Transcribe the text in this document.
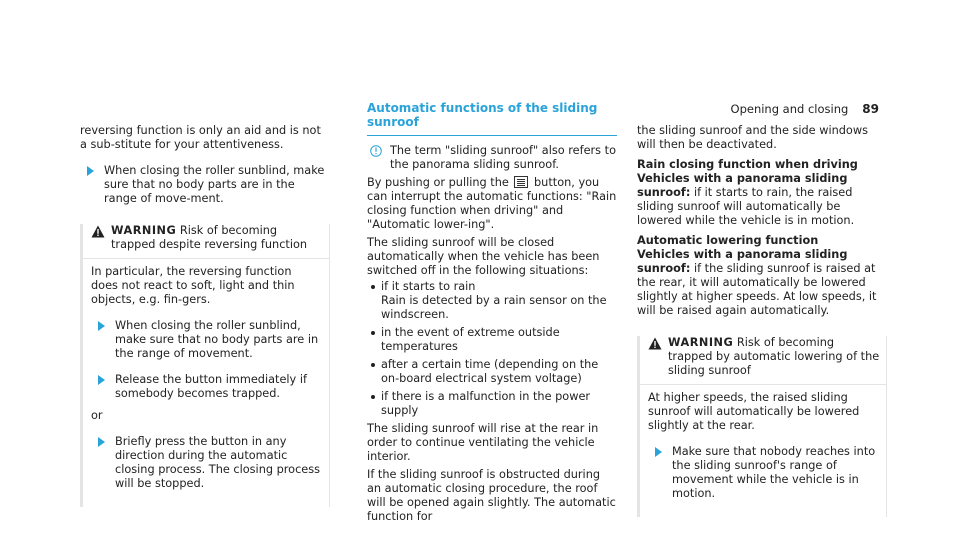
Opening and closing 89

reversing function is only an aid and is not a sub-stitute for your attentiveness.

When closing the roller sunblind, make sure that no body parts are in the range of move-ment.
WARNING Risk of becoming trapped despite reversing function

In particular, the reversing function does not react to soft, light and thin objects, e.g. fin-gers.

When closing the roller sunblind, make sure that no body parts are in the range of movement.
Release the button immediately if somebody becomes trapped.

or

Briefly press the button in any direction during the automatic closing process. The closing process will be stopped.
Automatic functions of the sliding sunroof
The term "sliding sunroof" also refers to the panorama sliding sunroof.

By pushing or pulling the button, you can interrupt the automatic functions: "Rain closing function when driving" and "Automatic lower-ing".

The sliding sunroof will be closed automatically when the vehicle has been switched off in the following situations:

if it starts to rain
Rain is detected by a rain sensor on the windscreen.
in the event of extreme outside temperatures
after a certain time (depending on the on-board electrical system voltage)
if there is a malfunction in the power supply

The sliding sunroof will rise at the rear in order to continue ventilating the vehicle interior.

If the sliding sunroof is obstructed during an automatic closing procedure, the roof will be opened again slightly. The automatic function for

the sliding sunroof and the side windows will then be deactivated.

Rain closing function when driving

Vehicles with a panorama sliding sunroof: if it starts to rain, the raised sliding sunroof will automatically be lowered while the vehicle is in motion.

Automatic lowering function

Vehicles with a panorama sliding sunroof: if the sliding sunroof is raised at the rear, it will automatically be lowered slightly at higher speeds. At low speeds, it will be raised again automatically.

WARNING Risk of becoming trapped by automatic lowering of the sliding sunroof

At higher speeds, the raised sliding sunroof will automatically be lowered slightly at the rear.

Make sure that nobody reaches into the sliding sunroof's range of movement while the vehicle is in motion.
